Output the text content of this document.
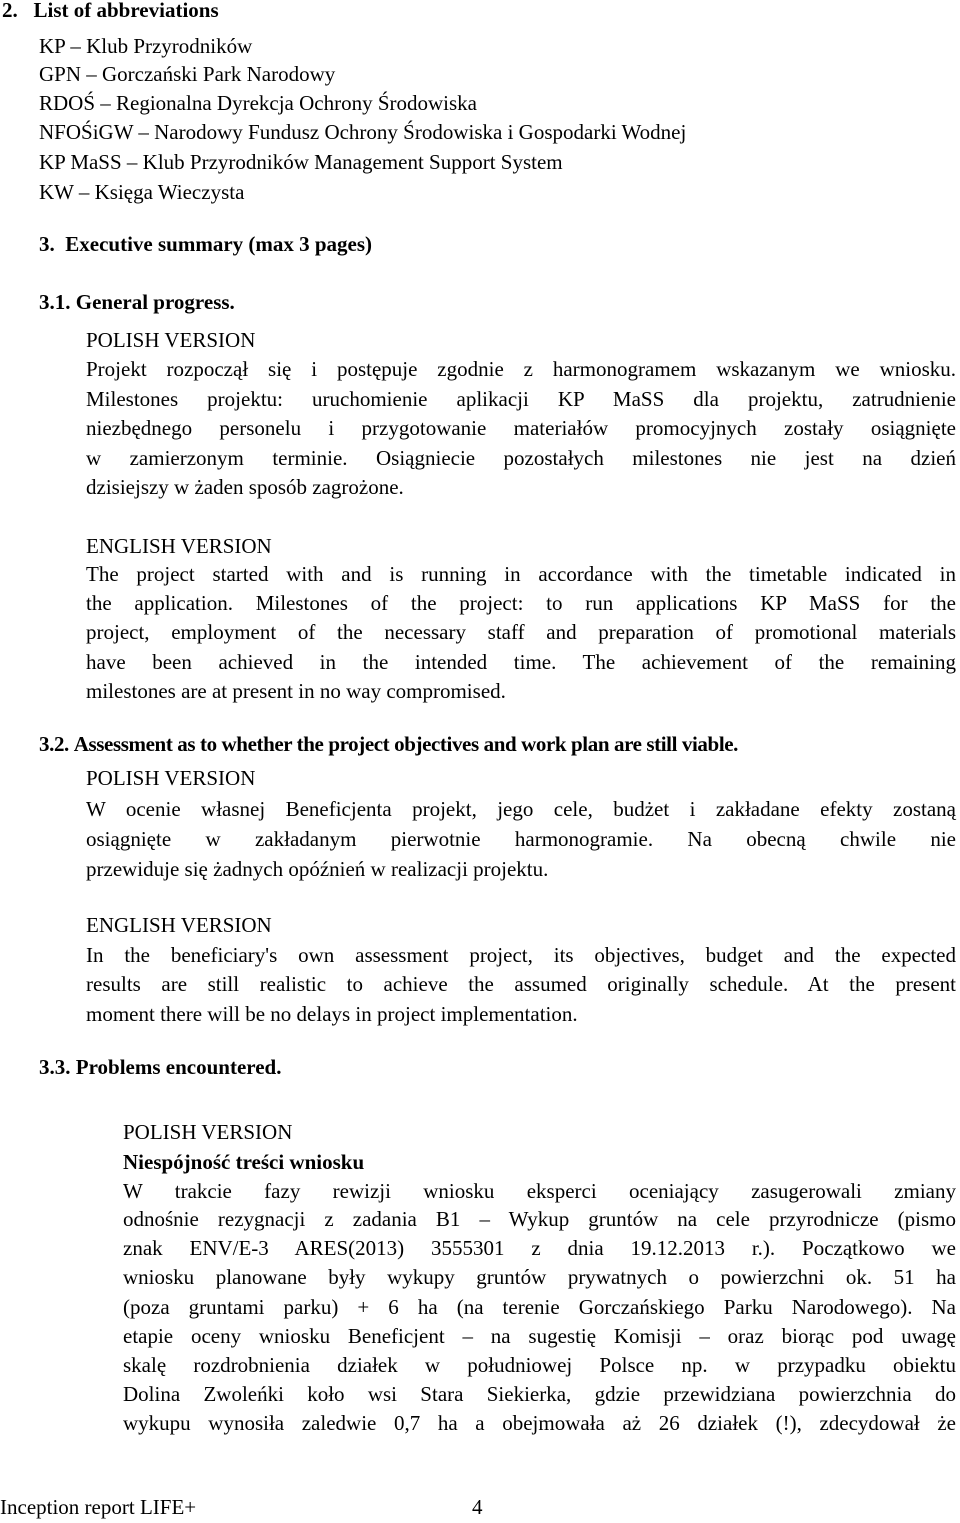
2.   List of abbreviations
KP – Klub Przyrodników
GPN – Gorczański Park Narodowy
RDOŚ – Regionalna Dyrekcja Ochrony Środowiska
NFOŚiGW – Narodowy Fundusz Ochrony Środowiska i Gospodarki Wodnej
KP MaSS – Klub Przyrodników Management Support System
KW – Księga Wieczysta
3.  Executive summary (max 3 pages)
3.1. General progress.
POLISH VERSION
Projekt rozpoczął się i postępuje zgodnie z harmonogramem wskazanym we wniosku.
Milestones projektu: uruchomienie aplikacji KP MaSS dla projektu, zatrudnienie
niezbędnego personelu i przygotowanie materiałów promocyjnych zostały osiągnięte
w zamierzonym terminie. Osiągniecie pozostałych milestones nie jest na dzień
dzisiejszy w żaden sposób zagrożone.
ENGLISH VERSION
The project started with and is running in accordance with the timetable indicated in
the application. Milestones of the project: to run applications KP MaSS for the
project, employment of the necessary staff and preparation of promotional materials
have been achieved in the intended time. The achievement of the remaining
milestones are at present in no way compromised.
3.2. Assessment as to whether the project objectives and work plan are still viable.
POLISH VERSION
W ocenie własnej Beneficjenta projekt, jego cele, budżet i zakładane efekty zostaną
osiągnięte w zakładanym pierwotnie harmonogramie. Na obecną chwile nie
przewiduje się żadnych opóźnień w realizacji projektu.
ENGLISH VERSION
In the beneficiary's own assessment project, its objectives, budget and the expected
results are still realistic to achieve the assumed originally schedule. At the present
moment there will be no delays in project implementation.
3.3. Problems encountered.
POLISH VERSION
Niespójność treści wniosku
W trakcie fazy rewizji wniosku eksperci oceniający zasugerowali zmiany
odnośnie rezygnacji z zadania B1 – Wykup gruntów na cele przyrodnicze (pismo
znak ENV/E-3 ARES(2013) 3555301 z dnia 19.12.2013 r.). Początkowo we
wniosku planowane były wykupy gruntów prywatnych o powierzchni ok. 51 ha
(poza gruntami parku) + 6 ha (na terenie Gorczańskiego Parku Narodowego). Na
etapie oceny wniosku Beneficjent – na sugestię Komisji – oraz biorąc pod uwagę
skalę rozdrobnienia działek w południowej Polsce np. w przypadku obiektu
Dolina Zwoleńki koło wsi Stara Siekierka, gdzie przewidziana powierzchnia do
wykupu wynosiła zaledwie 0,7 ha a obejmowała aż 26 działek (!), zdecydował że
Inception report LIFE+	4
